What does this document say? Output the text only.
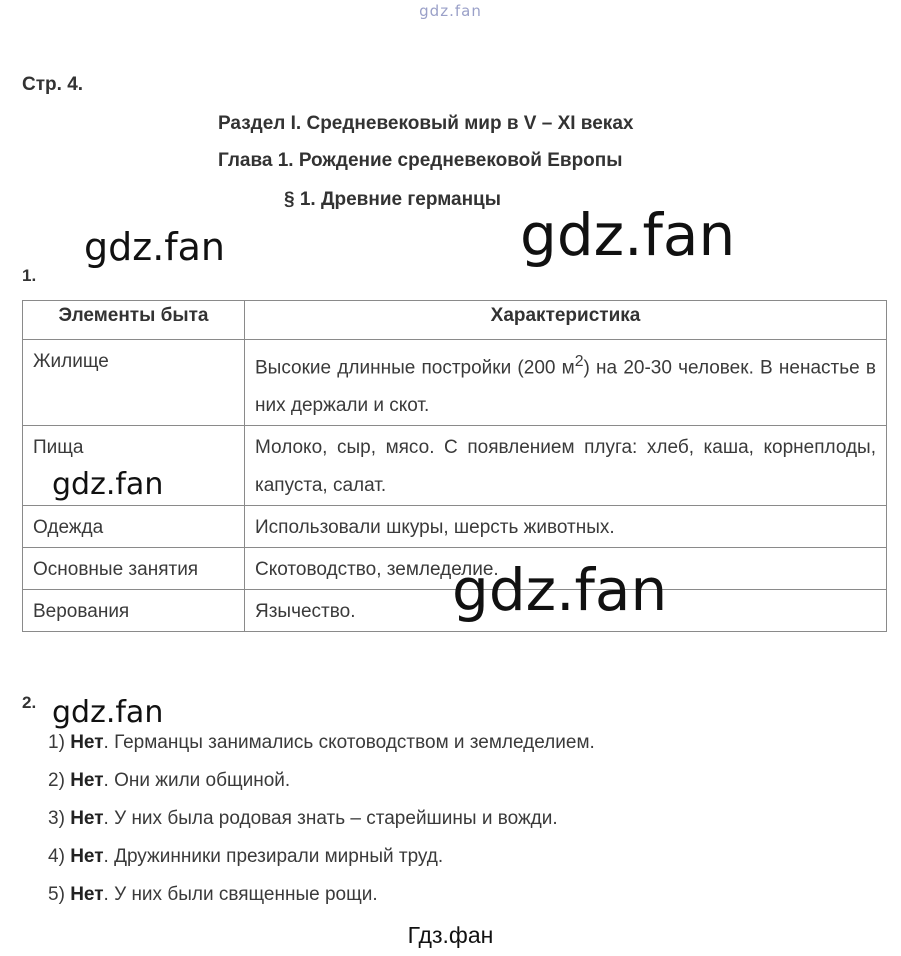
gdz.fan
Стр. 4.
Раздел I. Средневековый мир в V – XI веках
Глава 1. Рождение средневековой Европы
§ 1. Древние германцы
1.
Элементы быта	Характеристика
Жилище	Высокие длинные постройки (200 $м^2$) на 20-30 человек. В ненастье в них держали и скот.
Пища	Молоко, сыр, мясо. С появлением плуга: хлеб, каша, корнеплоды, капуста, салат.
Одежда	Использовали шкуры, шерсть животных.
Основные занятия	Скотоводство, земледелие.
Верования	Язычество.
2.
1) Нет. Германцы занимались скотоводством и земледелием.
2) Нет. Они жили общиной.
3) Нет. У них была родовая знать – старейшины и вожди.
4) Нет. Дружинники презирали мирный труд.
5) Нет. У них были священные рощи.
gdz.fan	gdz.fan
gdz.fan
gdz.fan
gdz.fan
Гдз.фан
